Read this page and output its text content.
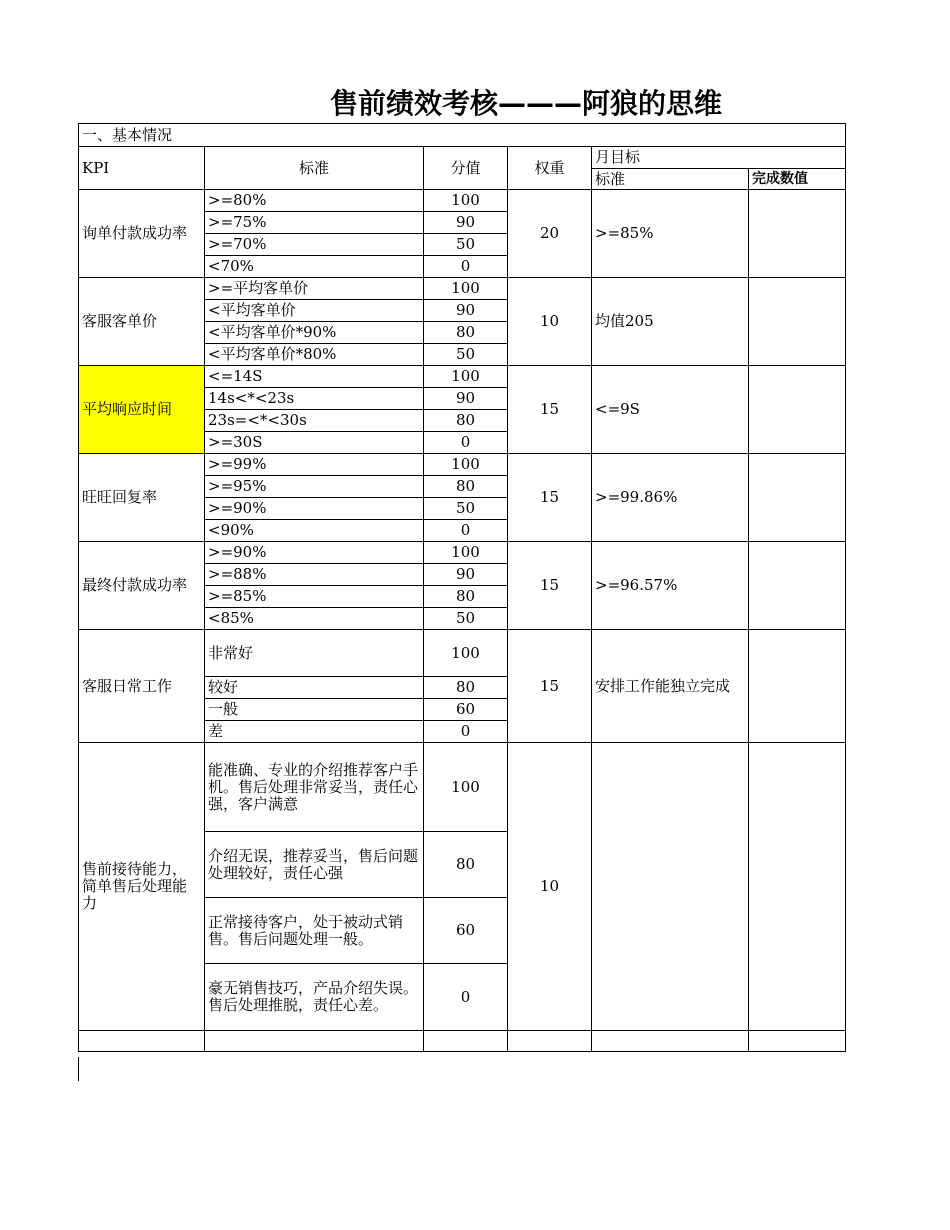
售前绩效考核———阿狼的思维
一、基本情况					
KPI	标准	分值	权重	月目标	
				标准	完成数值
询单付款成功率	>=80%	100	20	>=85%	
	>=75%	90			
	>=70%	50			
	<70%	0			
客服客单价	>=平均客单价	100	10	均值205	
	<平均客单价	90			
	<平均客单价*90%	80			
	<平均客单价*80%	50			
平均响应时间	<=14S	100	15	<=9S	
	14s<*<23s	90			
	23s=<*<30s	80			
	>=30S	0			
旺旺回复率	>=99%	100	15	>=99.86%	
	>=95%	80			
	>=90%	50			
	<90%	0			
最终付款成功率	>=90%	100	15	>=96.57%	
	>=88%	90			
	>=85%	80			
	<85%	50			
客服日常工作	非常好	100	15	安排工作能独立完成	
	较好	80			
	一般	60			
	差	0			
售前接待能力，简单售后处理能力	能准确、专业的介绍推荐客户手机。售后处理非常妥当，责任心强，客户满意	100	10		
	介绍无误，推荐妥当，售后问题处理较好，责任心强	80			
	正常接待客户，处于被动式销售。售后问题处理一般。	60			
	豪无销售技巧，产品介绍失误。售后处理推脱，责任心差。	0			
